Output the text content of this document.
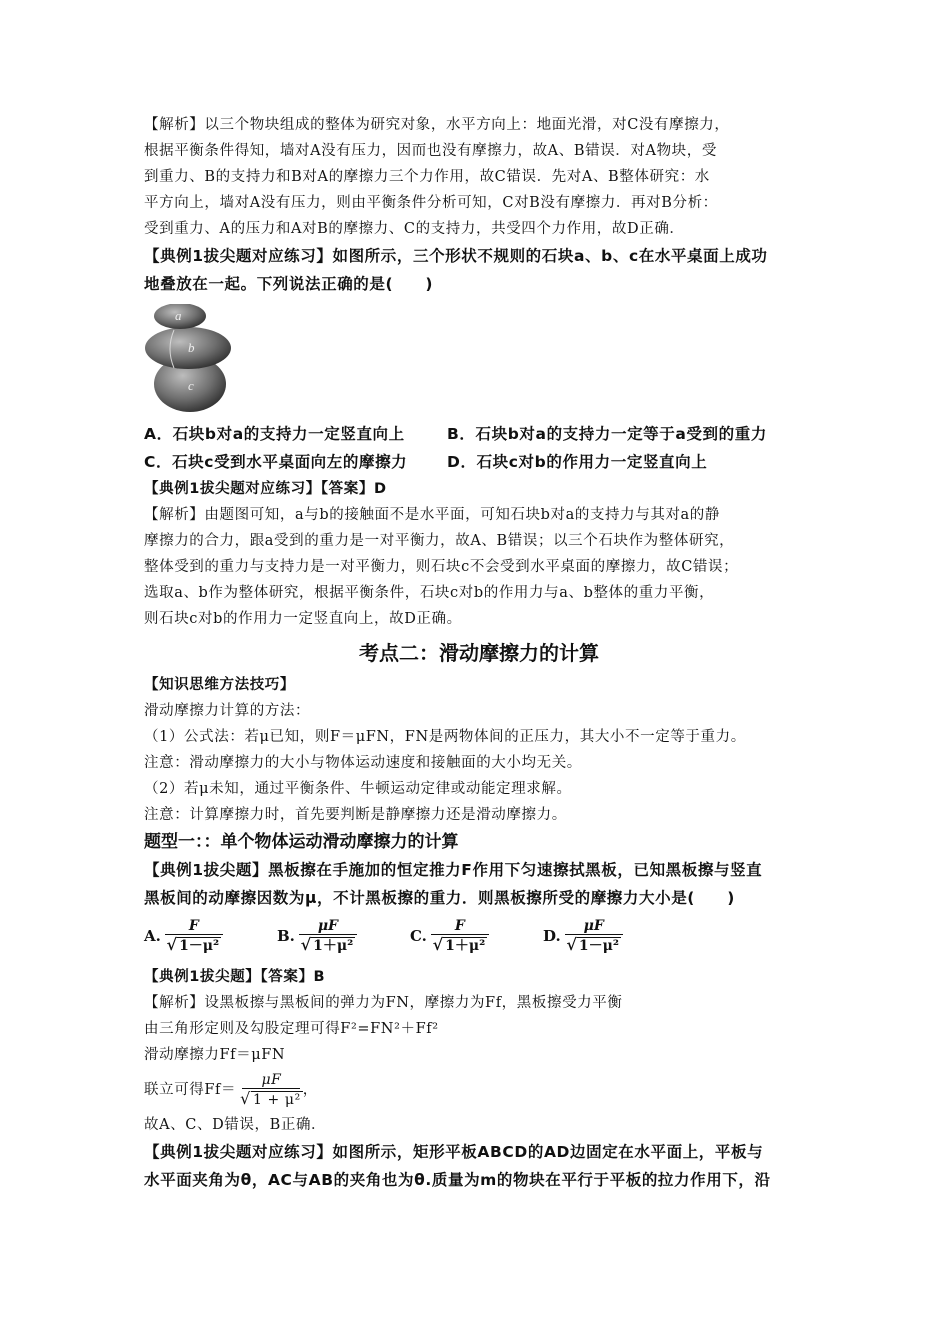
【解析】以三个物块组成的整体为研究对象，水平方向上：地面光滑，对C没有摩擦力，

根据平衡条件得知，墙对A没有压力，因而也没有摩擦力，故A、B错误．对A物块，受

到重力、B的支持力和B对A的摩擦力三个力作用，故C错误．先对A、B整体研究：水

平方向上，墙对A没有压力，则由平衡条件分析可知，C对B没有摩擦力．再对B分析：

受到重力、A的压力和A对B的摩擦力、C的支持力，共受四个力作用，故D正确．

【典例1拔尖题对应练习】如图所示，三个形状不规则的石块a、b、c在水平桌面上成功

地叠放在一起。下列说法正确的是(　　)

a
b
c

A．石块b对a的支持力一定竖直向上	B．石块b对a的支持力一定等于a受到的重力

C．石块c受到水平桌面向左的摩擦力	D．石块c对b的作用力一定竖直向上

【典例1拔尖题对应练习】【答案】D

【解析】由题图可知，a与b的接触面不是水平面，可知石块b对a的支持力与其对a的静

摩擦力的合力，跟a受到的重力是一对平衡力，故A、B错误；以三个石块作为整体研究，

整体受到的重力与支持力是一对平衡力，则石块c不会受到水平桌面的摩擦力，故C错误；

选取a、b作为整体研究，根据平衡条件，石块c对b的作用力与a、b整体的重力平衡，

则石块c对b的作用力一定竖直向上，故D正确。

考点二：滑动摩擦力的计算

【知识思维方法技巧】

滑动摩擦力计算的方法：

（1）公式法：若μ已知，则F＝μFN，FN是两物体间的正压力，其大小不一定等于重力。

注意：滑动摩擦力的大小与物体运动速度和接触面的大小均无关。

（2）若μ未知，通过平衡条件、牛顿运动定律或动能定理求解。

注意：计算摩擦力时，首先要判断是静摩擦力还是滑动摩擦力。

题型一：：单个物体运动滑动摩擦力的计算

【典例1拔尖题】黑板擦在手施加的恒定推力F作用下匀速擦拭黑板，已知黑板擦与竖直

黑板间的动摩擦因数为μ，不计黑板擦的重力．则黑板擦所受的摩擦力大小是(　　)

A. $\frac{F}{\text{√ 1－μ²}}$	B. $\frac{\mu F}{\text{√ 1＋μ²}}$	C. $\frac{F}{\text{√ 1＋μ²}}$	D. $\frac{\mu F}{\text{√ 1－μ²}}$

【典例1拔尖题】【答案】B

【解析】设黑板擦与黑板间的弹力为FN，摩擦力为Ff，黑板擦受力平衡

由三角形定则及勾股定理可得F²=FN²＋Ff²

滑动摩擦力Ff＝μFN

联立可得$Ff= \frac{\mu F}{\text{√ 1 + μ²}}$ ，

故A、C、D错误，B正确．

【典例1拔尖题对应练习】如图所示，矩形平板ABCD的AD边固定在水平面上，平板与

水平面夹角为θ，AC与AB的夹角也为θ.质量为m的物块在平行于平板的拉力作用下，沿
